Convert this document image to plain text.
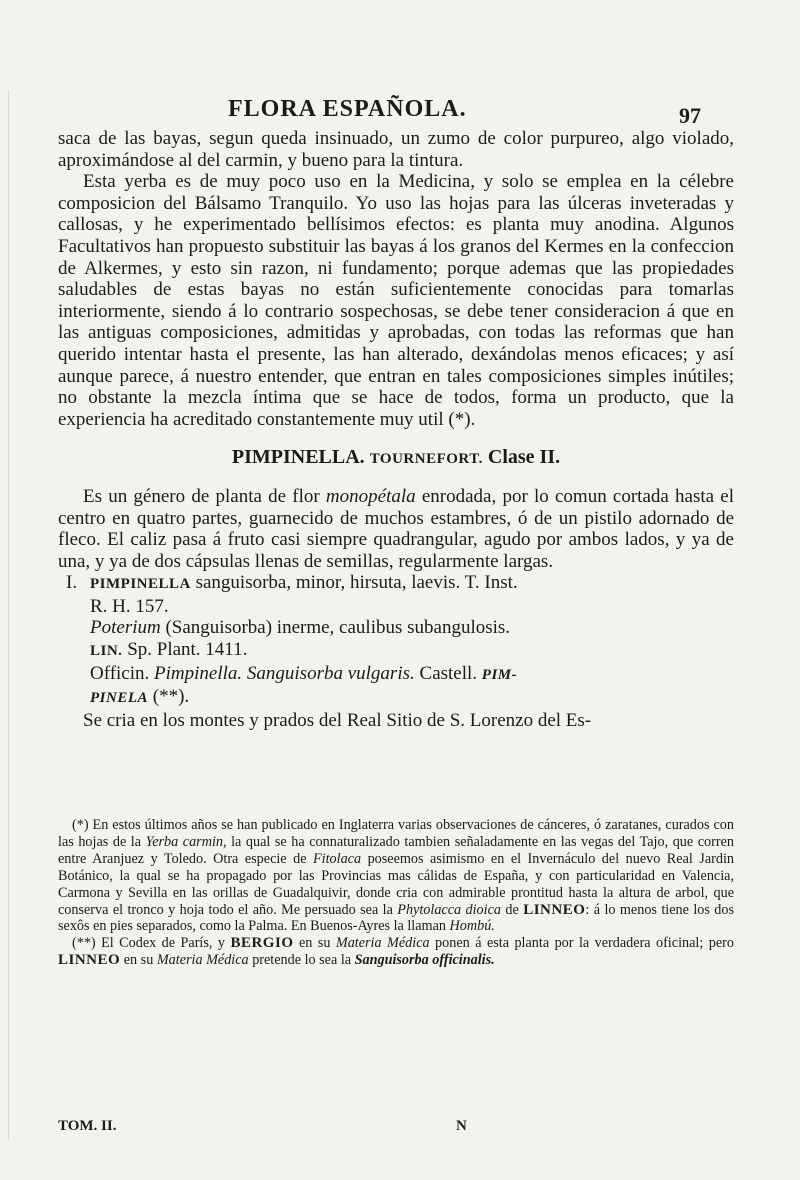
FLORA ESPAÑOLA.	97

saca de las bayas, segun queda insinuado, un zumo de color purpureo, algo violado, aproximándose al del carmin, y bueno para la tintura.

Esta yerba es de muy poco uso en la Medicina, y solo se emplea en la célebre composicion del Bálsamo Tranquilo. Yo uso las hojas para las úlceras inveteradas y callosas, y he experimentado bellísimos efectos: es planta muy anodina. Algunos Facultativos han propuesto substituir las bayas á los granos del Kermes en la confeccion de Alkermes, y esto sin razon, ni fundamento; porque ademas que las propiedades saludables de estas bayas no están suficientemente conocidas para tomarlas interiormente, siendo á lo contrario sospechosas, se debe tener consideracion á que en las antiguas composiciones, admitidas y aprobadas, con todas las reformas que han querido intentar hasta el presente, las han alterado, dexándolas menos eficaces; y así aunque parece, á nuestro entender, que entran en tales composiciones simples inútiles; no obstante la mezcla íntima que se hace de todos, forma un producto, que la experiencia ha acreditado constantemente muy util (*).

PIMPINELLA. TOURNEFORT. Clase II.

Es un género de planta de flor monopétala enrodada, por lo comun cortada hasta el centro en quatro partes, guarnecido de muchos estambres, ó de un pistilo adornado de fleco. El caliz pasa á fruto casi siempre quadrangular, agudo por ambos lados, y ya de una, y ya de dos cápsulas llenas de semillas, regularmente largas.

I. PIMPINELLA sanguisorba, minor, hirsuta, laevis. T. Inst.

R. H. 157.

Poterium (Sanguisorba) inerme, caulibus subangulosis.

LIN. Sp. Plant. 1411.

Officin. Pimpinella. Sanguisorba vulgaris. Castell. PIM-

PINELA (**).

Se cria en los montes y prados del Real Sitio de S. Lorenzo del Es-

(*) En estos últimos años se han publicado en Inglaterra varias observaciones de cánceres, ó zaratanes, curados con las hojas de la Yerba carmin, la qual se ha connaturalizado tambien señaladamente en las vegas del Tajo, que corren entre Aranjuez y Toledo. Otra especie de Fitolaca poseemos asimismo en el Invernáculo del nuevo Real Jardin Botánico, la qual se ha propagado por las Provincias mas cálidas de España, y con particularidad en Valencia, Carmona y Sevilla en las orillas de Guadalquivir, donde cria con admirable prontitud hasta la altura de arbol, que conserva el tronco y hoja todo el año. Me persuado sea la Phytolacca dioica de LINNEO: á lo menos tiene los dos sexôs en pies separados, como la Palma. En Buenos-Ayres la llaman Hombú.

(**) El Codex de París, y BERGIO en su Materia Médica ponen á esta planta por la verdadera oficinal; pero LINNEO en su Materia Médica pretende lo sea la Sanguisorba officinalis.

TOM. II.	N
